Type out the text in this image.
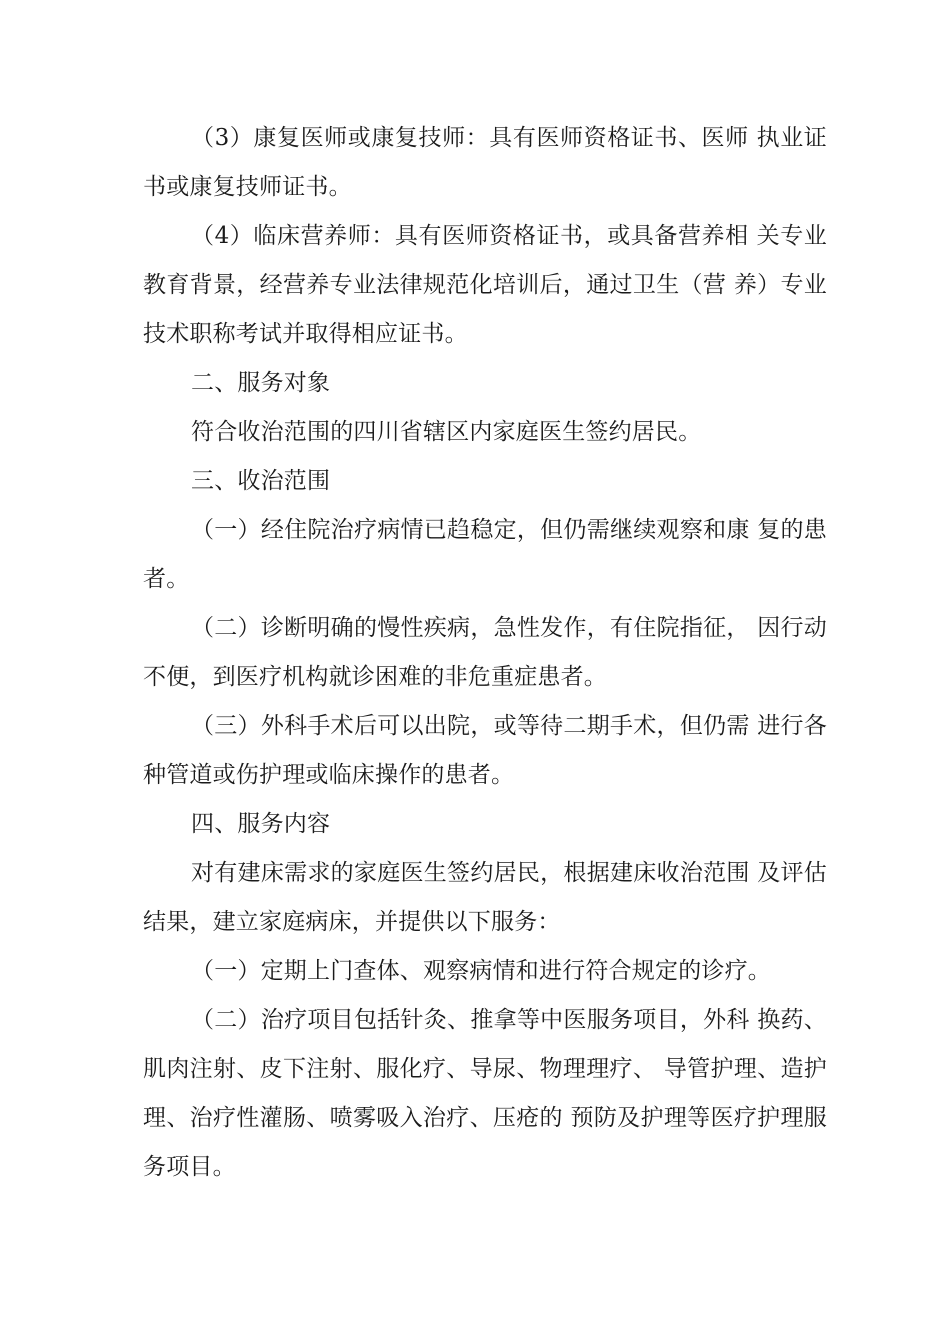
（3）康复医师或康复技师：具有医师资格证书、医师 执业证书或康复技师证书。

（4）临床营养师：具有医师资格证书，或具备营养相 关专业教育背景，经营养专业法律规范化培训后，通过卫生（营 养）专业技术职称考试并取得相应证书。

二、服务对象

符合收治范围的四川省辖区内家庭医生签约居民。

三、收治范围

（一）经住院治疗病情已趋稳定，但仍需继续观察和康 复的患者。

（二）诊断明确的慢性疾病，急性发作，有住院指征， 因行动不便，到医疗机构就诊困难的非危重症患者。

（三）外科手术后可以出院，或等待二期手术，但仍需 进行各种管道或伤护理或临床操作的患者。

四、服务内容

对有建床需求的家庭医生签约居民，根据建床收治范围 及评估结果，建立家庭病床，并提供以下服务：

（一）定期上门查体、观察病情和进行符合规定的诊疗。

（二）治疗项目包括针灸、推拿等中医服务项目，外科 换药、肌肉注射、皮下注射、服化疗、导尿、物理理疗、 导管护理、造护理、治疗性灌肠、喷雾吸入治疗、压疮的 预防及护理等医疗护理服务项目。
